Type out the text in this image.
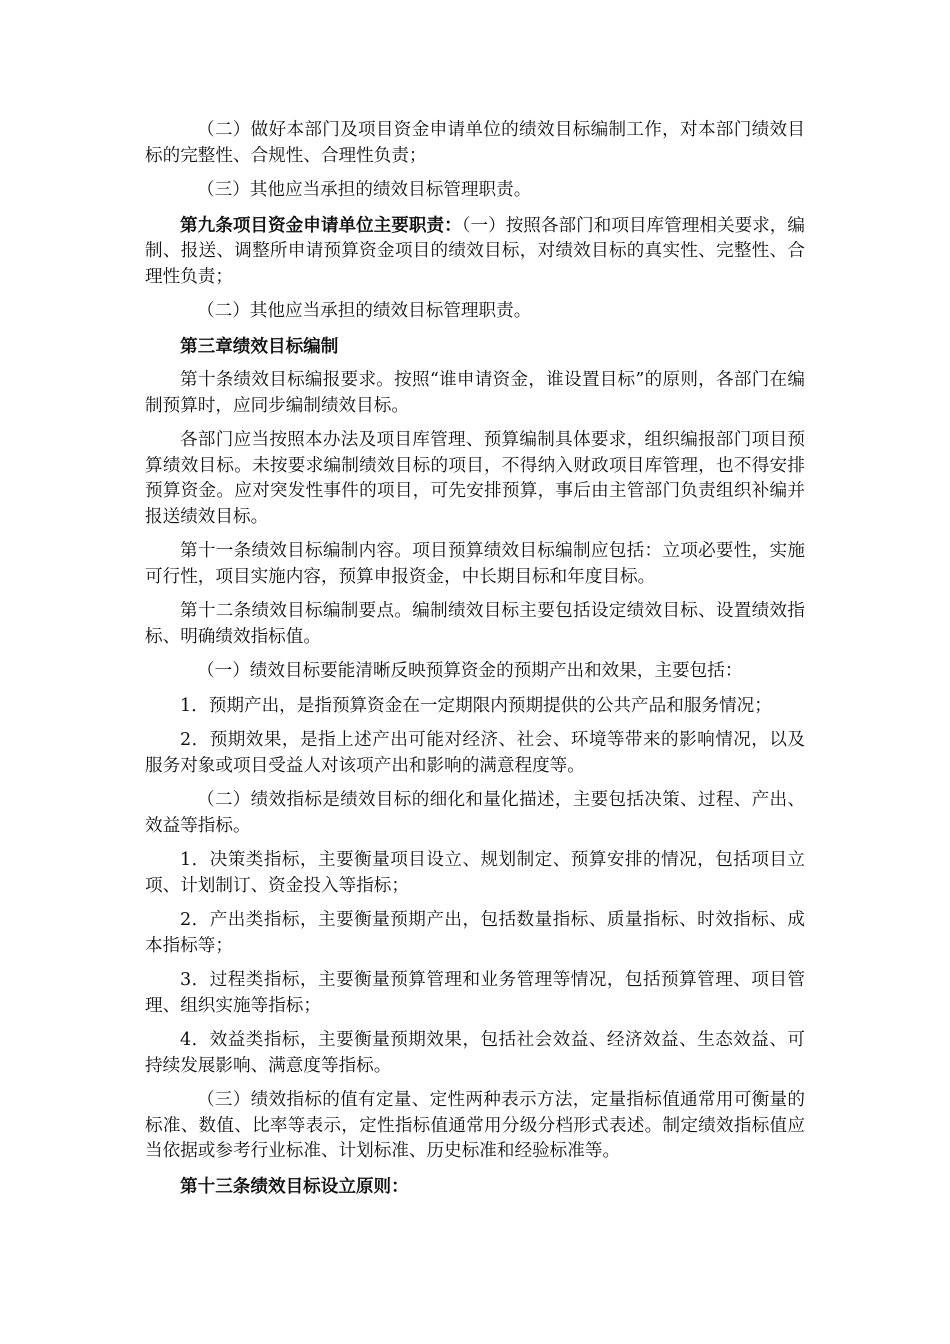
（二）做好本部门及项目资金申请单位的绩效目标编制工作，对本部门绩效目标的完整性、合规性、合理性负责；

（三）其他应当承担的绩效目标管理职责。

第九条项目资金申请单位主要职责：（一）按照各部门和项目库管理相关要求，编制、报送、调整所申请预算资金项目的绩效目标，对绩效目标的真实性、完整性、合理性负责；

（二）其他应当承担的绩效目标管理职责。

第三章绩效目标编制

第十条绩效目标编报要求。按照“谁申请资金，谁设置目标”的原则，各部门在编制预算时，应同步编制绩效目标。

各部门应当按照本办法及项目库管理、预算编制具体要求，组织编报部门项目预算绩效目标。未按要求编制绩效目标的项目，不得纳入财政项目库管理，也不得安排预算资金。应对突发性事件的项目，可先安排预算，事后由主管部门负责组织补编并报送绩效目标。

第十一条绩效目标编制内容。项目预算绩效目标编制应包括：立项必要性，实施可行性，项目实施内容，预算申报资金，中长期目标和年度目标。

第十二条绩效目标编制要点。编制绩效目标主要包括设定绩效目标、设置绩效指标、明确绩效指标值。

（一）绩效目标要能清晰反映预算资金的预期产出和效果，主要包括：

1．预期产出，是指预算资金在一定期限内预期提供的公共产品和服务情况；

2．预期效果，是指上述产出可能对经济、社会、环境等带来的影响情况，以及服务对象或项目受益人对该项产出和影响的满意程度等。

（二）绩效指标是绩效目标的细化和量化描述，主要包括决策、过程、产出、效益等指标。

1．决策类指标，主要衡量项目设立、规划制定、预算安排的情况，包括项目立项、计划制订、资金投入等指标；

2．产出类指标，主要衡量预期产出，包括数量指标、质量指标、时效指标、成本指标等；

3．过程类指标，主要衡量预算管理和业务管理等情况，包括预算管理、项目管理、组织实施等指标；

4．效益类指标，主要衡量预期效果，包括社会效益、经济效益、生态效益、可持续发展影响、满意度等指标。

（三）绩效指标的值有定量、定性两种表示方法，定量指标值通常用可衡量的标准、数值、比率等表示，定性指标值通常用分级分档形式表述。制定绩效指标值应当依据或参考行业标准、计划标准、历史标准和经验标准等。

第十三条绩效目标设立原则：
